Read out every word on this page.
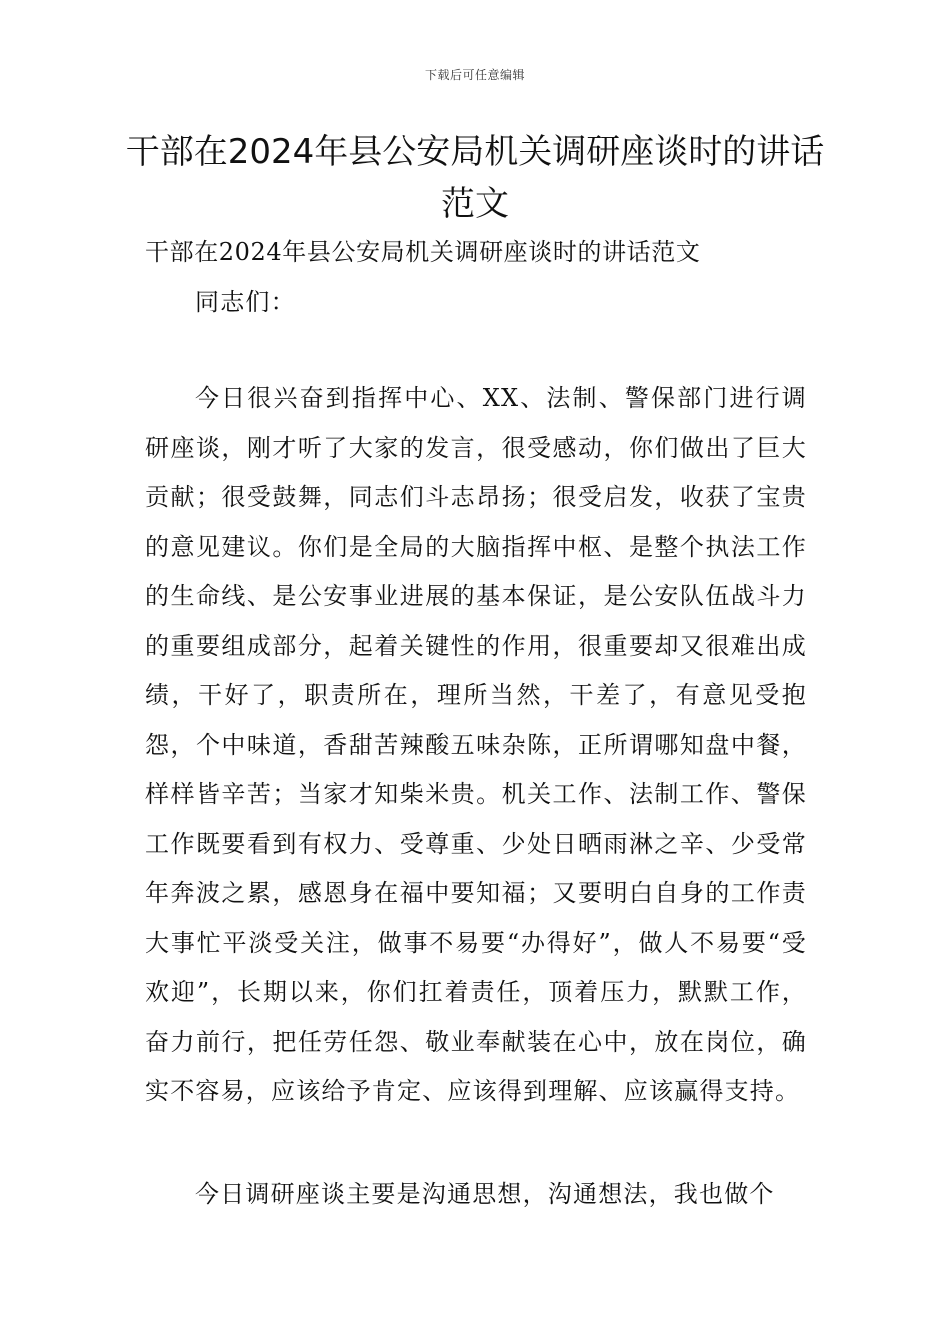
下载后可任意编辑
干部在2024年县公安局机关调研座谈时的讲话范文

干部在2024年县公安局机关调研座谈时的讲话范文

同志们：

今日很兴奋到指挥中心、XX、法制、警保部门进行调研座谈，刚才听了大家的发言，很受感动，你们做出了巨大贡献；很受鼓舞，同志们斗志昂扬；很受启发，收获了宝贵的意见建议。你们是全局的大脑指挥中枢、是整个执法工作的生命线、是公安事业进展的基本保证，是公安队伍战斗力的重要组成部分，起着关键性的作用，很重要却又很难出成绩，干好了，职责所在，理所当然，干差了，有意见受抱怨，个中味道，香甜苦辣酸五味杂陈，正所谓哪知盘中餐，样样皆辛苦；当家才知柴米贵。机关工作、法制工作、警保工作既要看到有权力、受尊重、少处日晒雨淋之辛、少受常年奔波之累，感恩身在福中要知福；又要明白自身的工作责大事忙平淡受关注，做事不易要“办得好”，做人不易要“受欢迎”，长期以来，你们扛着责任，顶着压力，默默工作，奋力前行，把任劳任怨、敬业奉献装在心中，放在岗位，确实不容易，应该给予肯定、应该得到理解、应该赢得支持。

今日调研座谈主要是沟通思想，沟通想法，我也做个
